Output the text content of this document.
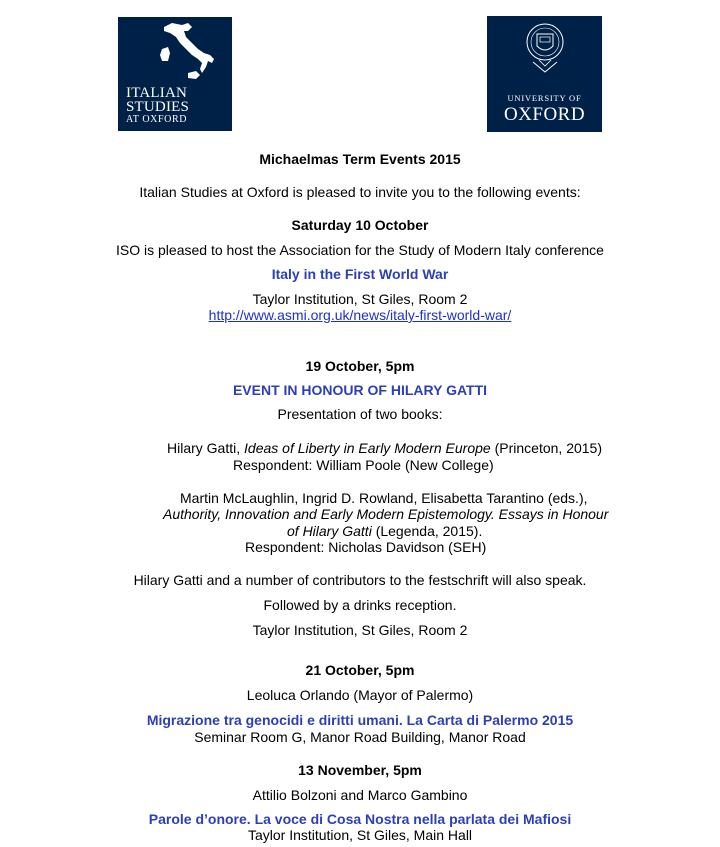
ITALIAN
STUDIES
AT OXFORD
UNIVERSITY OF
OXFORD
Michaelmas Term Events 2015
Italian Studies at Oxford is pleased to invite you to the following events:
Saturday 10 October
ISO is pleased to host the Association for the Study of Modern Italy conference
Italy in the First World War
Taylor Institution, St Giles, Room 2
http://www.asmi.org.uk/news/italy-first-world-war/
19 October, 5pm
EVENT IN HONOUR OF HILARY GATTI
Presentation of two books:
Hilary Gatti, Ideas of Liberty in Early Modern Europe (Princeton, 2015)
Respondent: William Poole (New College)
Martin McLaughlin, Ingrid D. Rowland, Elisabetta Tarantino (eds.),
Authority, Innovation and Early Modern Epistemology. Essays in Honour
of Hilary Gatti (Legenda, 2015).
Respondent: Nicholas Davidson (SEH)
Hilary Gatti and a number of contributors to the festschrift will also speak.
Followed by a drinks reception.
Taylor Institution, St Giles, Room 2
21 October, 5pm
Leoluca Orlando (Mayor of Palermo)
Migrazione tra genocidi e diritti umani. La Carta di Palermo 2015
Seminar Room G, Manor Road Building, Manor Road
13 November, 5pm
Attilio Bolzoni and Marco Gambino
Parole d’onore. La voce di Cosa Nostra nella parlata dei Mafiosi
Taylor Institution, St Giles, Main Hall
